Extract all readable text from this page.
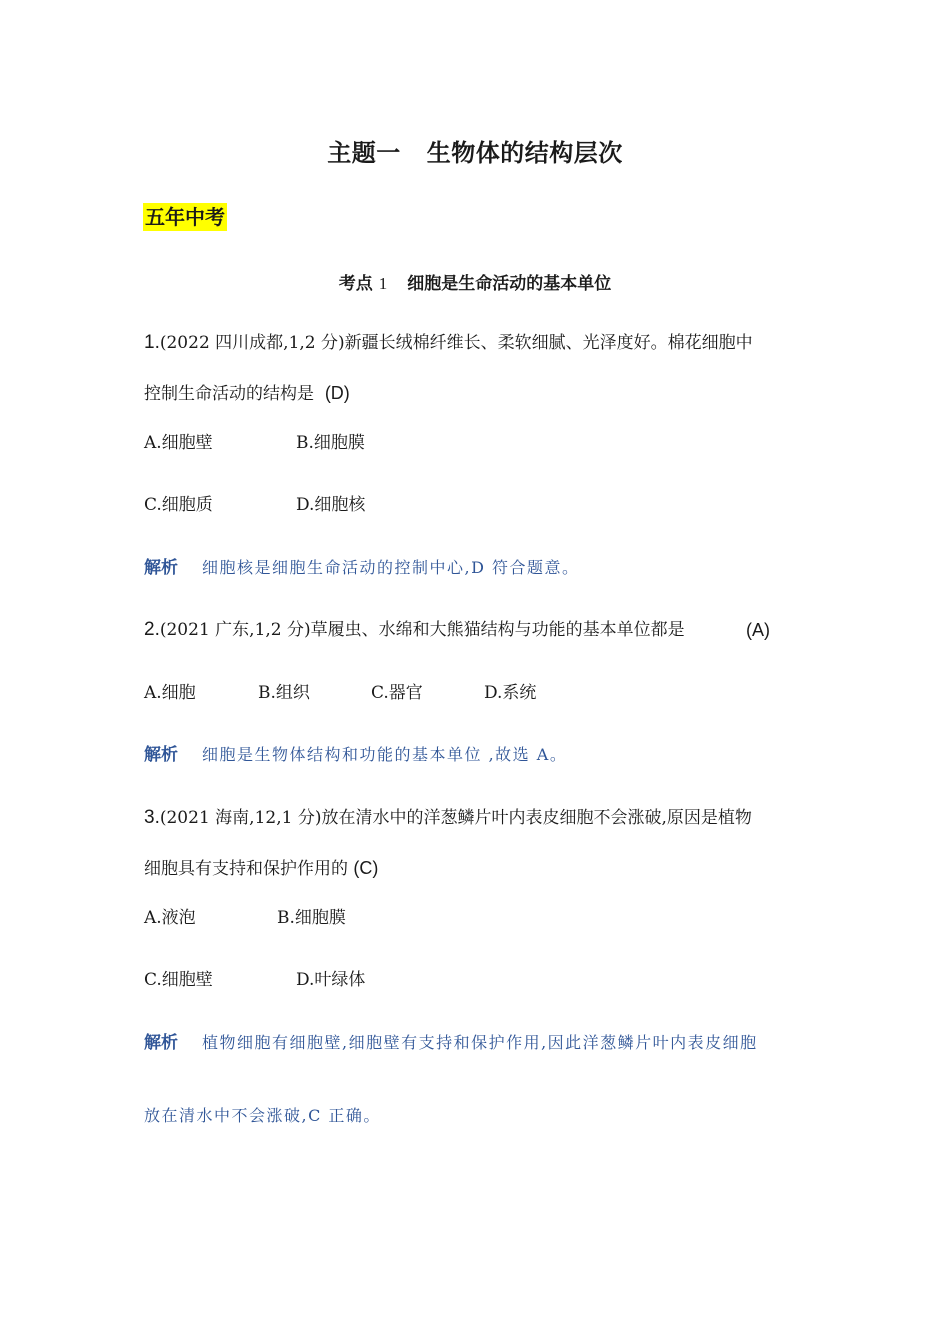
主题一 生物体的结构层次
五年中考
考点 1 细胞是生命活动的基本单位
1.(2022 四川成都,1,2 分)新疆长绒棉纤维长、柔软细腻、光泽度好。棉花细胞中
控制生命活动的结构是 (D)
A.细胞壁	B.细胞膜
C.细胞质	D.细胞核
解析 细胞核是细胞生命活动的控制中心,D 符合题意。
2.(2021 广东,1,2 分)草履虫、水绵和大熊猫结构与功能的基本单位都是	(A)
A.细胞	B.组织	C.器官	D.系统
解析 细胞是生物体结构和功能的基本单位 ,故选 A。
3.(2021 海南,12,1 分)放在清水中的洋葱鳞片叶内表皮细胞不会涨破,原因是植物
细胞具有支持和保护作用的 (C)
A.液泡	B.细胞膜
C.细胞壁	D.叶绿体
解析 植物细胞有细胞壁,细胞壁有支持和保护作用,因此洋葱鳞片叶内表皮细胞
放在清水中不会涨破,C 正确。
